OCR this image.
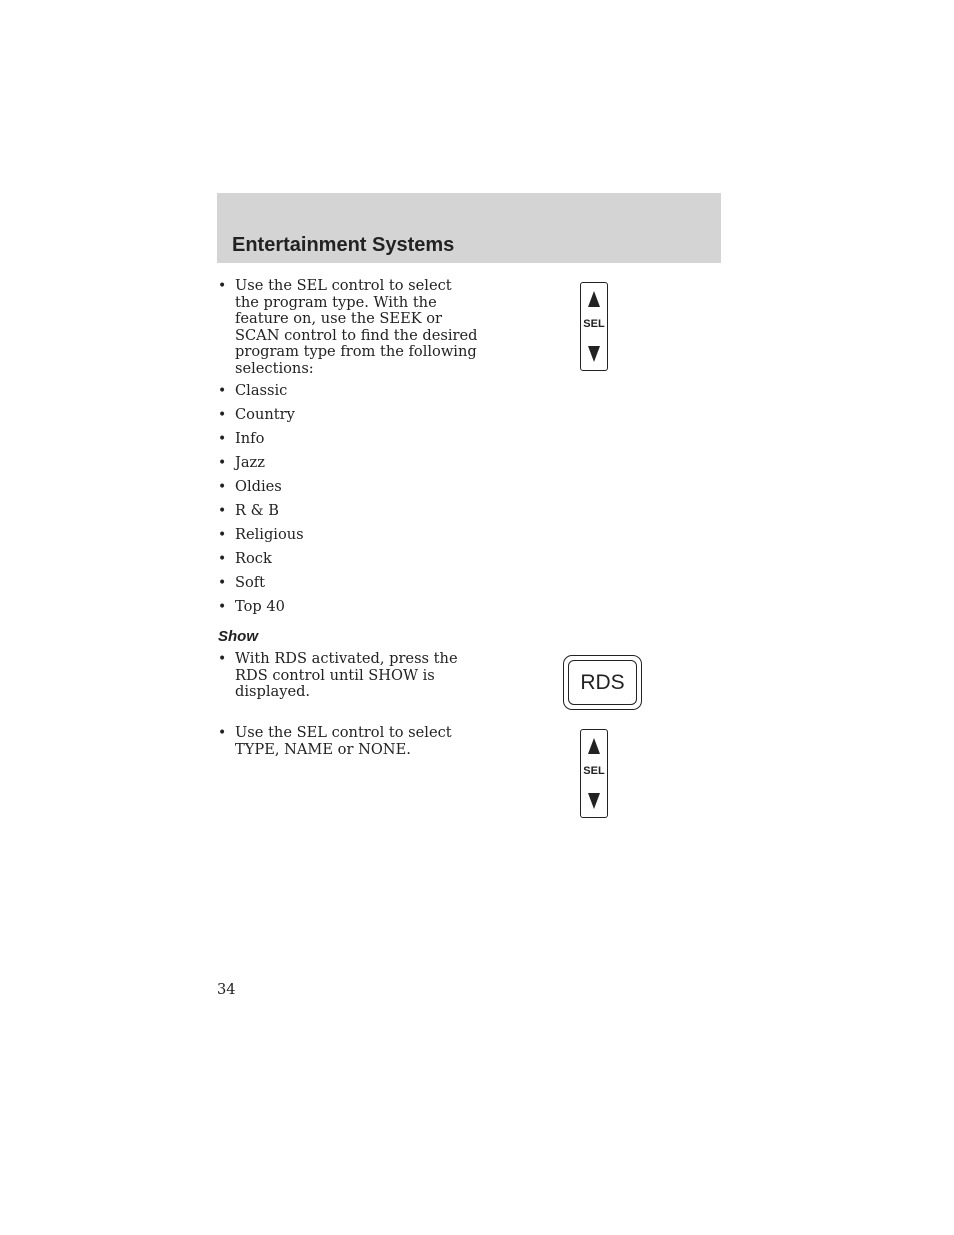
Entertainment Systems
• Use the SEL control to select the program type. With the feature on, use the SEEK or SCAN control to find the desired program type from the following selections:
• Classic
• Country
• Info
• Jazz
• Oldies
• R & B
• Religious
• Rock
• Soft
• Top 40
Show
• With RDS activated, press the RDS control until SHOW is displayed.
• Use the SEL control to select TYPE, NAME or NONE.
SEL
RDS
SEL

34
